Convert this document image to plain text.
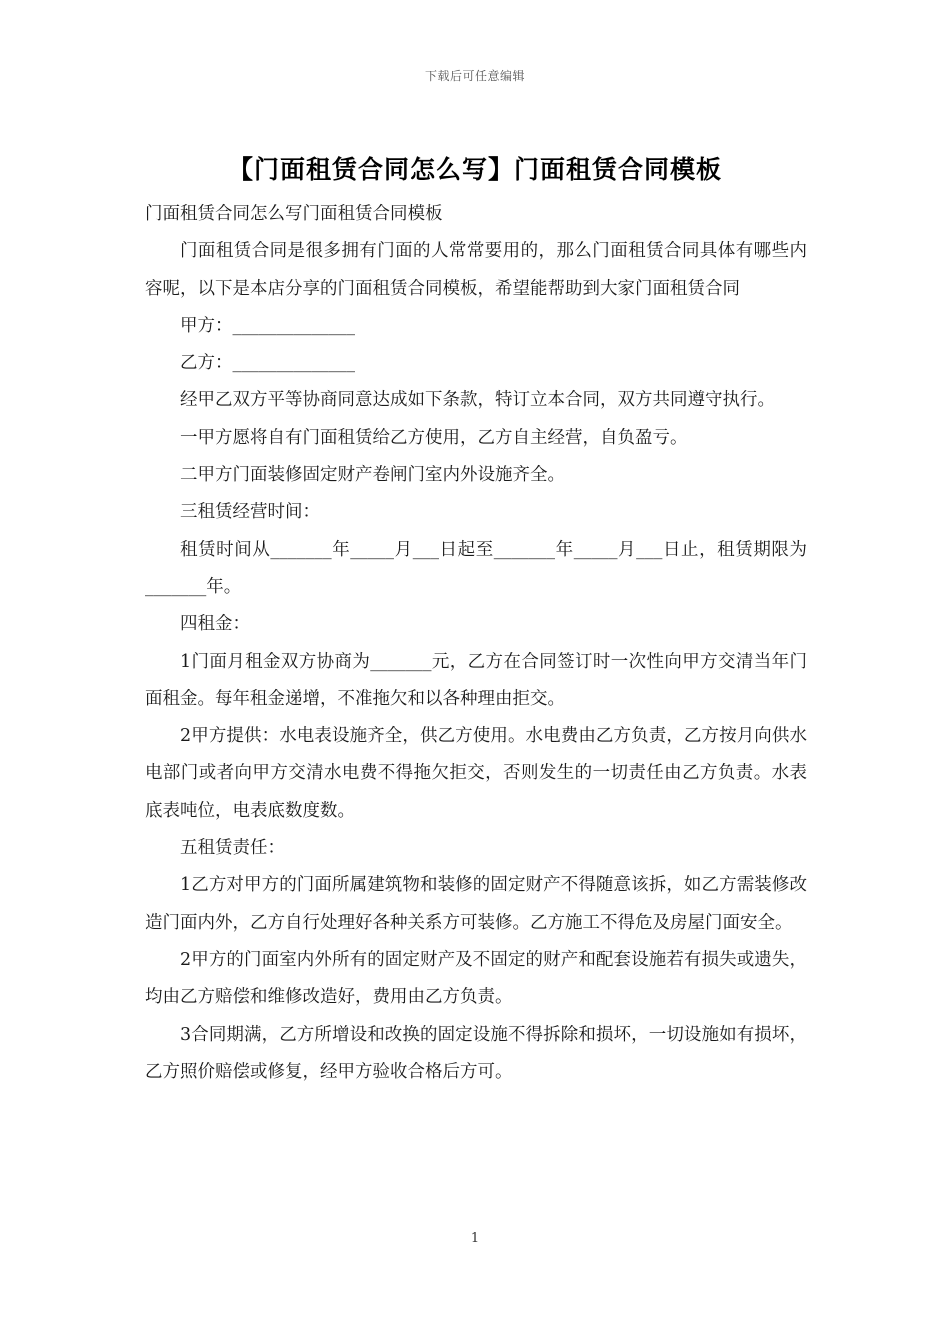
下载后可任意编辑
【门面租赁合同怎么写】门面租赁合同模板

门面租赁合同怎么写门面租赁合同模板

门面租赁合同是很多拥有门面的人常常要用的，那么门面租赁合同具体有哪些内容呢，以下是本店分享的门面租赁合同模板，希望能帮助到大家门面租赁合同

甲方：______________

乙方：______________

经甲乙双方平等协商同意达成如下条款，特订立本合同，双方共同遵守执行。

一甲方愿将自有门面租赁给乙方使用，乙方自主经营，自负盈亏。

二甲方门面装修固定财产卷闸门室内外设施齐全。

三租赁经营时间：

租赁时间从_______年_____月___日起至_______年_____月___日止，租赁期限为_______年。

四租金：

1门面月租金双方协商为_______元，乙方在合同签订时一次性向甲方交清当年门面租金。每年租金递增，不准拖欠和以各种理由拒交。

2甲方提供：水电表设施齐全，供乙方使用。水电费由乙方负责，乙方按月向供水电部门或者向甲方交清水电费不得拖欠拒交，否则发生的一切责任由乙方负责。水表底表吨位，电表底数度数。

五租赁责任：

1乙方对甲方的门面所属建筑物和装修的固定财产不得随意该拆，如乙方需装修改造门面内外，乙方自行处理好各种关系方可装修。乙方施工不得危及房屋门面安全。

2甲方的门面室内外所有的固定财产及不固定的财产和配套设施若有损失或遗失，均由乙方赔偿和维修改造好，费用由乙方负责。

3合同期满，乙方所增设和改换的固定设施不得拆除和损坏，一切设施如有损坏，乙方照价赔偿或修复，经甲方验收合格后方可。

1
